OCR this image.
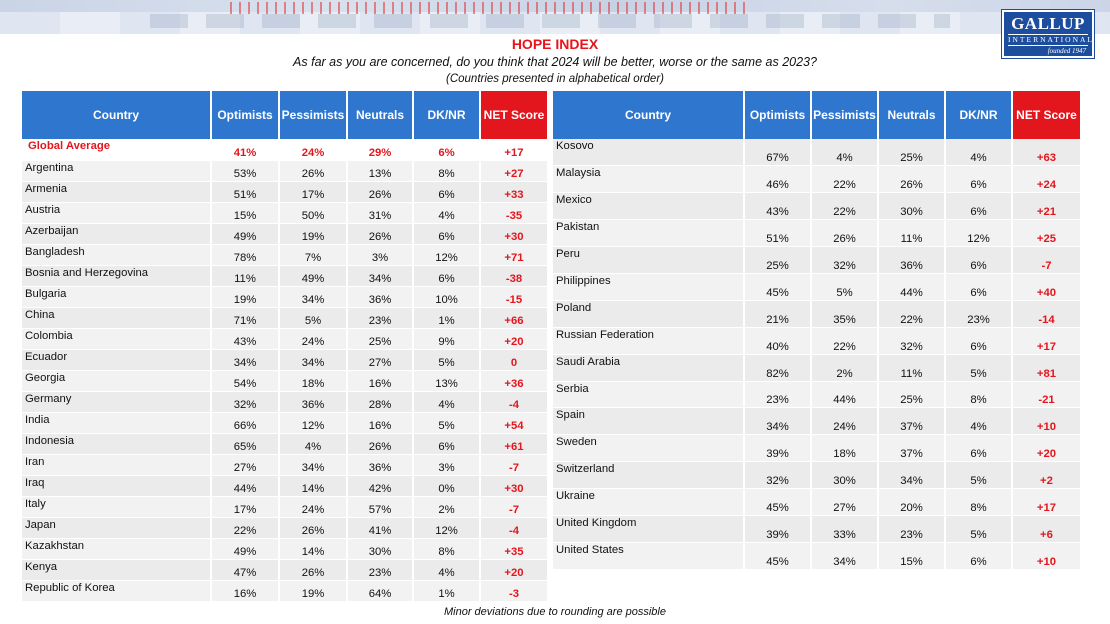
GALLUP
INTERNATIONAL
founded 1947
HOPE INDEX
As far as you are concerned, do you think that 2024 will be better, worse or the same as 2023?
(Countries presented in alphabetical order)
Country	Optimists	Pessimists	Neutrals	DK/NR	NET Score
Global Average	41%	24%	29%	6%	+17
Argentina	53%	26%	13%	8%	+27
Armenia	51%	17%	26%	6%	+33
Austria	15%	50%	31%	4%	-35
Azerbaijan	49%	19%	26%	6%	+30
Bangladesh	78%	7%	3%	12%	+71
Bosnia and Herzegovina	11%	49%	34%	6%	-38
Bulgaria	19%	34%	36%	10%	-15
China	71%	5%	23%	1%	+66
Colombia	43%	24%	25%	9%	+20
Ecuador	34%	34%	27%	5%	0
Georgia	54%	18%	16%	13%	+36
Germany	32%	36%	28%	4%	-4
India	66%	12%	16%	5%	+54
Indonesia	65%	4%	26%	6%	+61
Iran	27%	34%	36%	3%	-7
Iraq	44%	14%	42%	0%	+30
Italy	17%	24%	57%	2%	-7
Japan	22%	26%	41%	12%	-4
Kazakhstan	49%	14%	30%	8%	+35
Kenya	47%	26%	23%	4%	+20
Republic of Korea	16%	19%	64%	1%	-3
Country	Optimists	Pessimists	Neutrals	DK/NR	NET Score
Kosovo	67%	4%	25%	4%	+63
Malaysia	46%	22%	26%	6%	+24
Mexico	43%	22%	30%	6%	+21
Pakistan	51%	26%	11%	12%	+25
Peru	25%	32%	36%	6%	-7
Philippines	45%	5%	44%	6%	+40
Poland	21%	35%	22%	23%	-14
Russian Federation	40%	22%	32%	6%	+17
Saudi Arabia	82%	2%	11%	5%	+81
Serbia	23%	44%	25%	8%	-21
Spain	34%	24%	37%	4%	+10
Sweden	39%	18%	37%	6%	+20
Switzerland	32%	30%	34%	5%	+2
Ukraine	45%	27%	20%	8%	+17
United Kingdom	39%	33%	23%	5%	+6
United States	45%	34%	15%	6%	+10
Minor deviations due to rounding are possible
